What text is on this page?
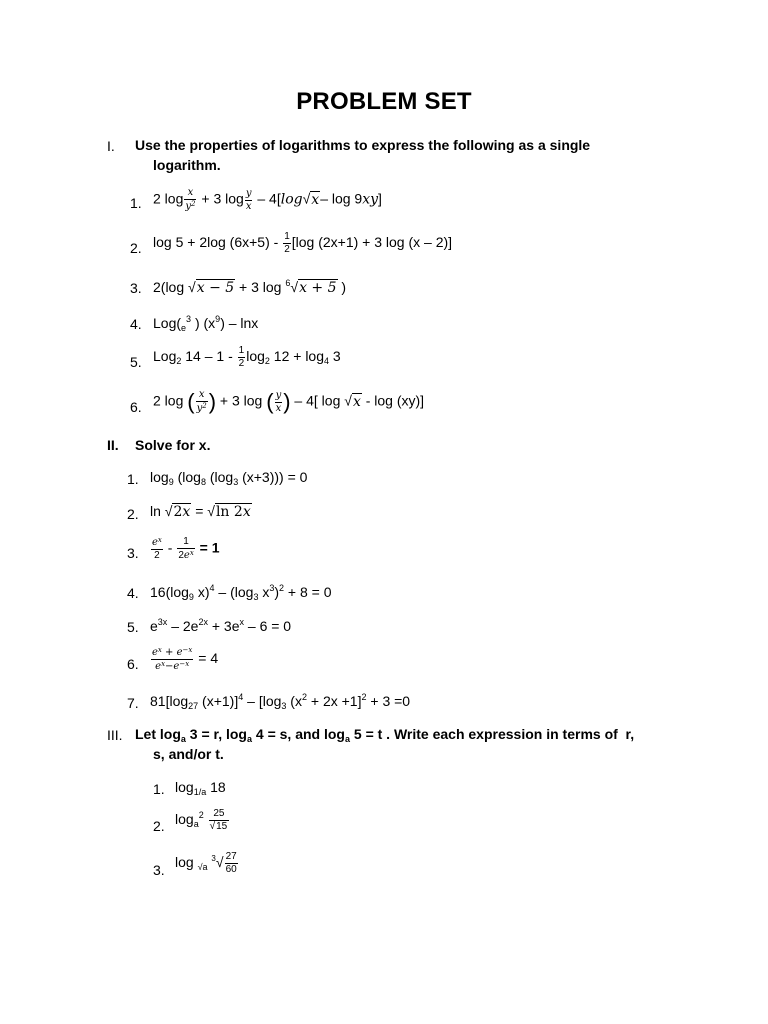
PROBLEM SET
I. Use the properties of logarithms to express the following as a single
logarithm.
1. 2 $\log \frac{x}{y^2} + 3$ $\log \frac{y}{x} - 4[\log√x-$ log 9xy]
2. log 5 + 2log $(6x+5) - \frac{1}{2} [\log$ (2x+1) + 3 log (x – 2)]
3. 2(log √x − 5 + 3 log $^6$√x + 5 )
4. $Log(_e^3$ ) $(x^9)$ – lnx
5. Log$_2$ $14 - 1 - \frac{1}{2} \log_2 12 + \log_4 3$
6. 2 log ( $\frac{x}{y^2}$ ) + 3 log ( $\frac{y}{x}$ ) – 4[ log √x - log (xy)]
II. Solve for x.
1. $\log_9 (\log_8$ ($\log_3$ (x+3))) = 0
2. ln √2x = √ln 2x
3. $\frac{e^x}{2} - \frac{1}{2e^x} = 1$
4. $16(\log_9$ $x)^4 - (\log_3$ $x^3)^2 + 8 = 0$
5. $e^{3x} - 2e^{2x} + 3e^x - 6 = 0$
6. $\frac{e^x + e^{-x}}{e^x-e^{-x}} = 4$
7. $81[\log_{27}$ $(x+1)]^4 - [\log_3$ $(x^2 + 2x +1]^2 + 3 =0$
III. Let $\log_a 3 = r$, $\log_a 4 = s$, and $\log_a 5 = t$ . Write each expression in terms of  r,
s, and/or t.
1. $\log_{1/a} 18$
2. $\log_a^2 \frac{25}{√15}$
3. log $_{√a}$ $^3√ \frac{27}{60}$
